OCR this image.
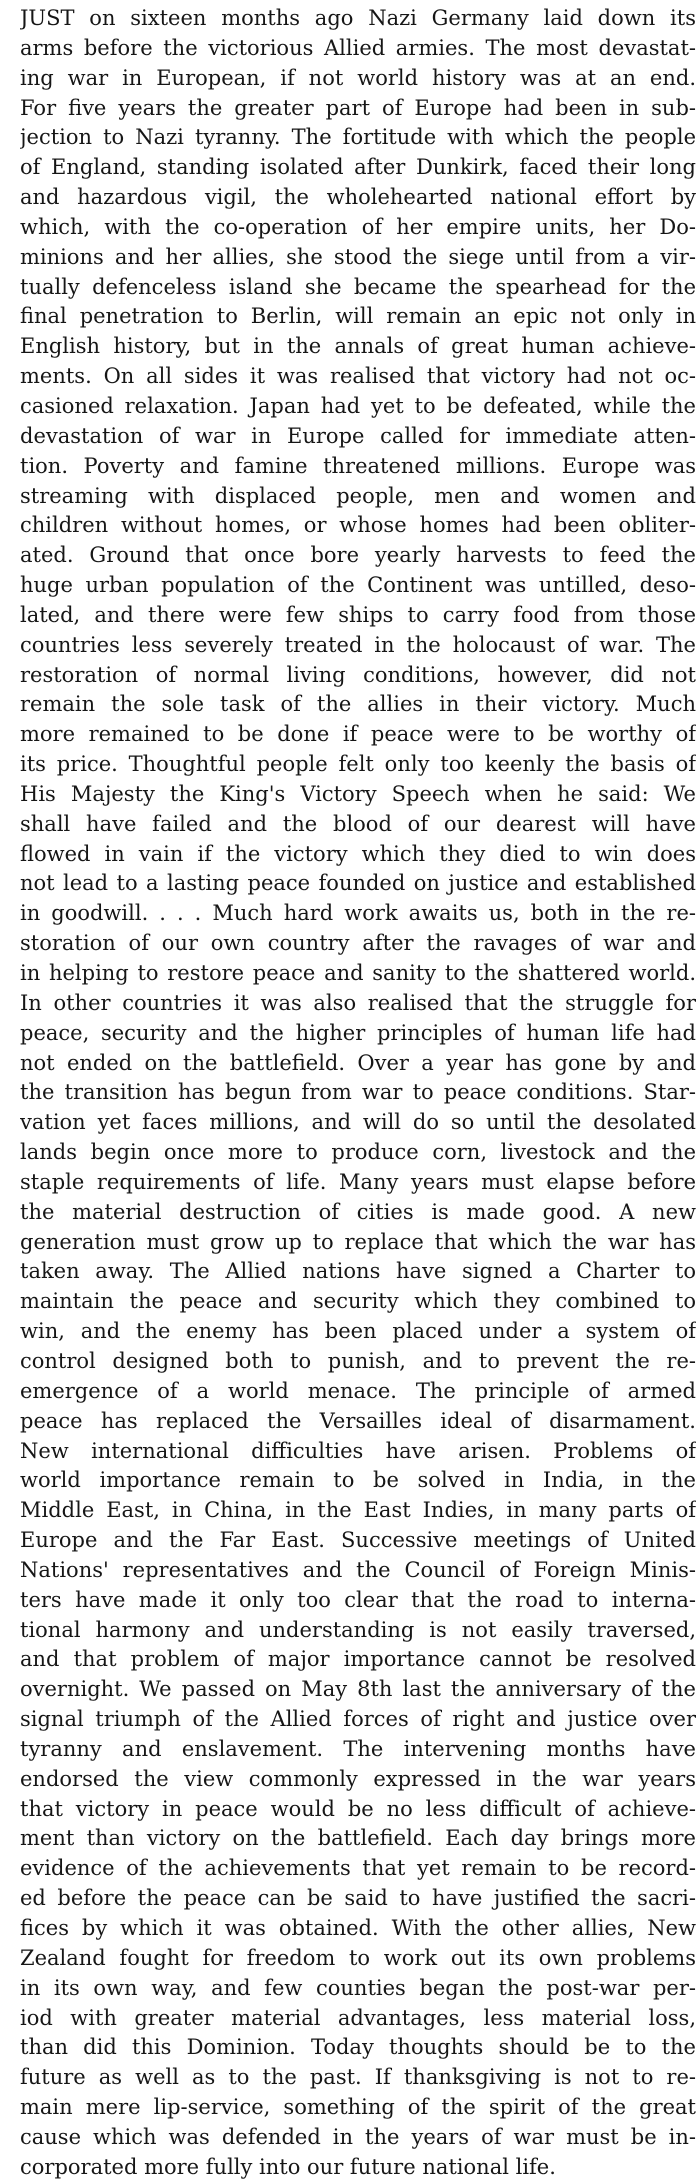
JUST on sixteen months ago Nazi Germany laid down its
arms before the victorious Allied armies. The most devastat-
ing war in European, if not world history was at an end.
For five years the greater part of Europe had been in sub-
jection to Nazi tyranny. The fortitude with which the people
of England, standing isolated after Dunkirk, faced their long
and hazardous vigil, the wholehearted national effort by
which, with the co-operation of her empire units, her Do-
minions and her allies, she stood the siege until from a vir-
tually defenceless island she became the spearhead for the
final penetration to Berlin, will remain an epic not only in
English history, but in the annals of great human achieve-
ments. On all sides it was realised that victory had not oc-
casioned relaxation. Japan had yet to be defeated, while the
devastation of war in Europe called for immediate atten-
tion. Poverty and famine threatened millions. Europe was
streaming with displaced people, men and women and
children without homes, or whose homes had been obliter-
ated. Ground that once bore yearly harvests to feed the
huge urban population of the Continent was untilled, deso-
lated, and there were few ships to carry food from those
countries less severely treated in the holocaust of war. The
restoration of normal living conditions, however, did not
remain the sole task of the allies in their victory. Much
more remained to be done if peace were to be worthy of
its price. Thoughtful people felt only too keenly the basis of
His Majesty the King's Victory Speech when he said: We
shall have failed and the blood of our dearest will have
flowed in vain if the victory which they died to win does
not lead to a lasting peace founded on justice and established
in goodwill. . . . Much hard work awaits us, both in the re-
storation of our own country after the ravages of war and
in helping to restore peace and sanity to the shattered world.
In other countries it was also realised that the struggle for
peace, security and the higher principles of human life had
not ended on the battlefield. Over a year has gone by and
the transition has begun from war to peace conditions. Star-
vation yet faces millions, and will do so until the desolated
lands begin once more to produce corn, livestock and the
staple requirements of life. Many years must elapse before
the material destruction of cities is made good. A new
generation must grow up to replace that which the war has
taken away. The Allied nations have signed a Charter to
maintain the peace and security which they combined to
win, and the enemy has been placed under a system of
control designed both to punish, and to prevent the re-
emergence of a world menace. The principle of armed
peace has replaced the Versailles ideal of disarmament.
New international difficulties have arisen. Problems of
world importance remain to be solved in India, in the
Middle East, in China, in the East Indies, in many parts of
Europe and the Far East. Successive meetings of United
Nations' representatives and the Council of Foreign Minis-
ters have made it only too clear that the road to interna-
tional harmony and understanding is not easily traversed,
and that problem of major importance cannot be resolved
overnight. We passed on May 8th last the anniversary of the
signal triumph of the Allied forces of right and justice over
tyranny and enslavement. The intervening months have
endorsed the view commonly expressed in the war years
that victory in peace would be no less difficult of achieve-
ment than victory on the battlefield. Each day brings more
evidence of the achievements that yet remain to be record-
ed before the peace can be said to have justified the sacri-
fices by which it was obtained. With the other allies, New
Zealand fought for freedom to work out its own problems
in its own way, and few counties began the post-war per-
iod with greater material advantages, less material loss,
than did this Dominion. Today thoughts should be to the
future as well as to the past. If thanksgiving is not to re-
main mere lip-service, something of the spirit of the great
cause which was defended in the years of war must be in-
corporated more fully into our future national life.
